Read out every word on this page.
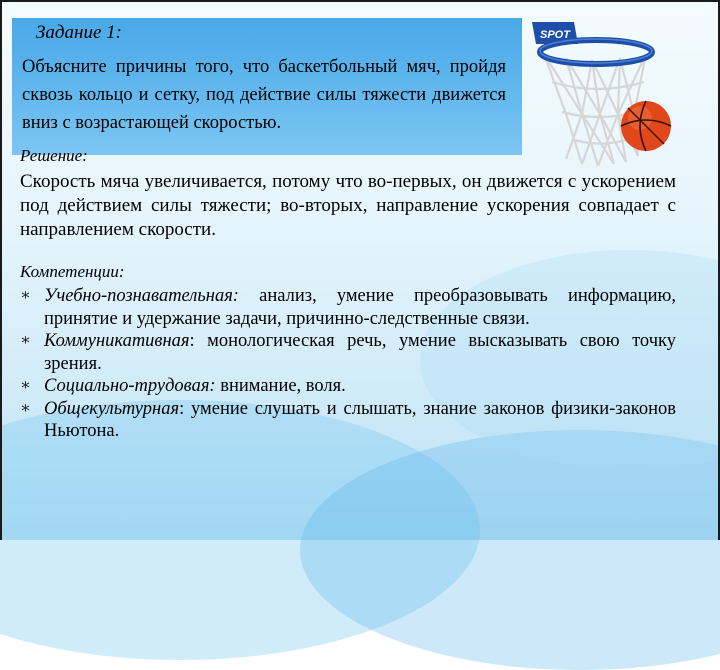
Задание 1:
Объясните причины того, что баскетбольный мяч, пройдя сквозь кольцо и сетку, под действие силы тяжести движется вниз с возрастающей скоростью.
SPOT
Решение:
Скорость мяча увеличивается, потому что во-первых, он движется с ускорением под действием силы тяжести; во-вторых, направление ускорения совпадает с направлением скорости.
Компетенции:
∗ Учебно-познавательная: анализ, умение преобразовывать информацию, принятие и удержание задачи, причинно-следственные связи.
∗ Коммуникативная: монологическая речь, умение высказывать свою точку зрения.
∗ Социально-трудовая: внимание, воля.
∗ Общекультурная: умение слушать и слышать, знание законов физики-законов Ньютона.
